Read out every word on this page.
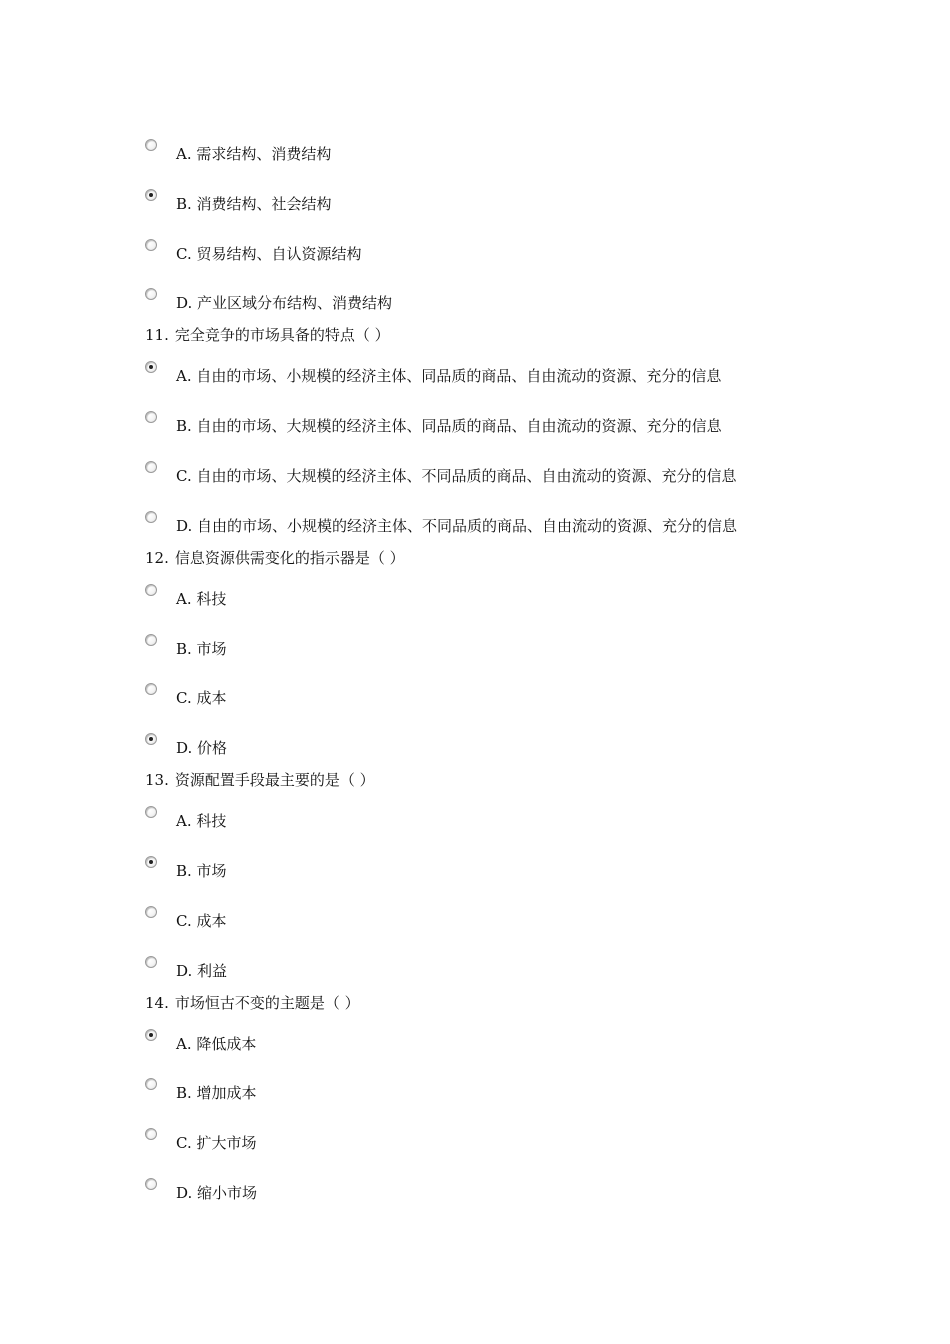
A. 需求结构、消费结构
B. 消费结构、社会结构
C. 贸易结构、自认资源结构
D. 产业区域分布结构、消费结构
11. 完全竞争的市场具备的特点（ ）
A. 自由的市场、小规模的经济主体、同品质的商品、自由流动的资源、充分的信息
B. 自由的市场、大规模的经济主体、同品质的商品、自由流动的资源、充分的信息
C. 自由的市场、大规模的经济主体、不同品质的商品、自由流动的资源、充分的信息
D. 自由的市场、小规模的经济主体、不同品质的商品、自由流动的资源、充分的信息
12. 信息资源供需变化的指示器是（ ）
A. 科技
B. 市场
C. 成本
D. 价格
13. 资源配置手段最主要的是（ ）
A. 科技
B. 市场
C. 成本
D. 利益
14. 市场恒古不变的主题是（ ）
A. 降低成本
B. 增加成本
C. 扩大市场
D. 缩小市场
